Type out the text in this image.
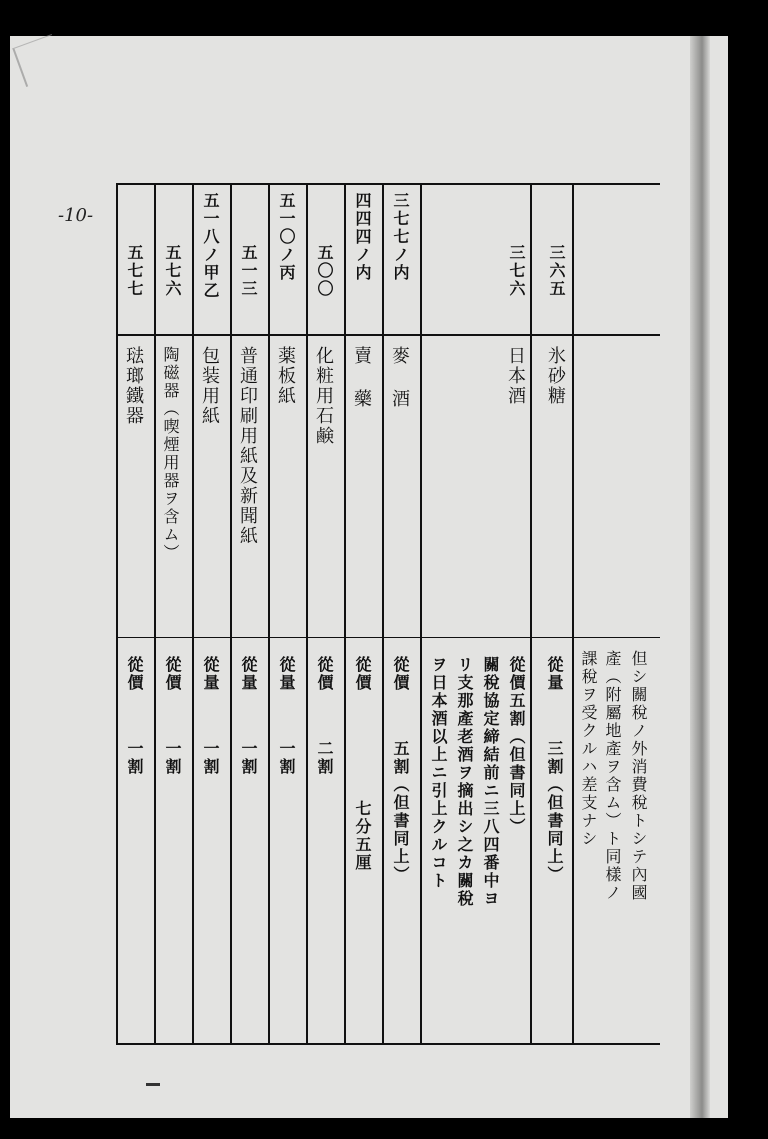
-10-
三六五
三七六
三七七ノ内
四四四ノ内
五〇〇
五一〇ノ丙
五一三
五一八ノ甲乙
五七六
五七七
氷砂糖
日本酒
麥 酒
賣 藥
化粧用石鹸
薬板紙
普通印刷用紙及新聞紙
包装用紙
陶磁器（喫煙用器ヲ含ム）
琺瑯鐵器
但シ關稅ノ外消費稅トシテ內國
產（附屬地產ヲ含ム）ト同樣ノ
課稅ヲ受クルハ差支ナシ
從量
三割（但書同上）
從價五割（但書同上）
關稅協定締結前ニ三八四番中ヨ
リ支那產老酒ヲ摘出シ之カ關稅
ヲ日本酒以上ニ引上クルコト
從價
五割（但書同上）
從價
七分五厘
從價
二割
從量
一割
從量
一割
從量
一割
從價
一割
從價
一割
